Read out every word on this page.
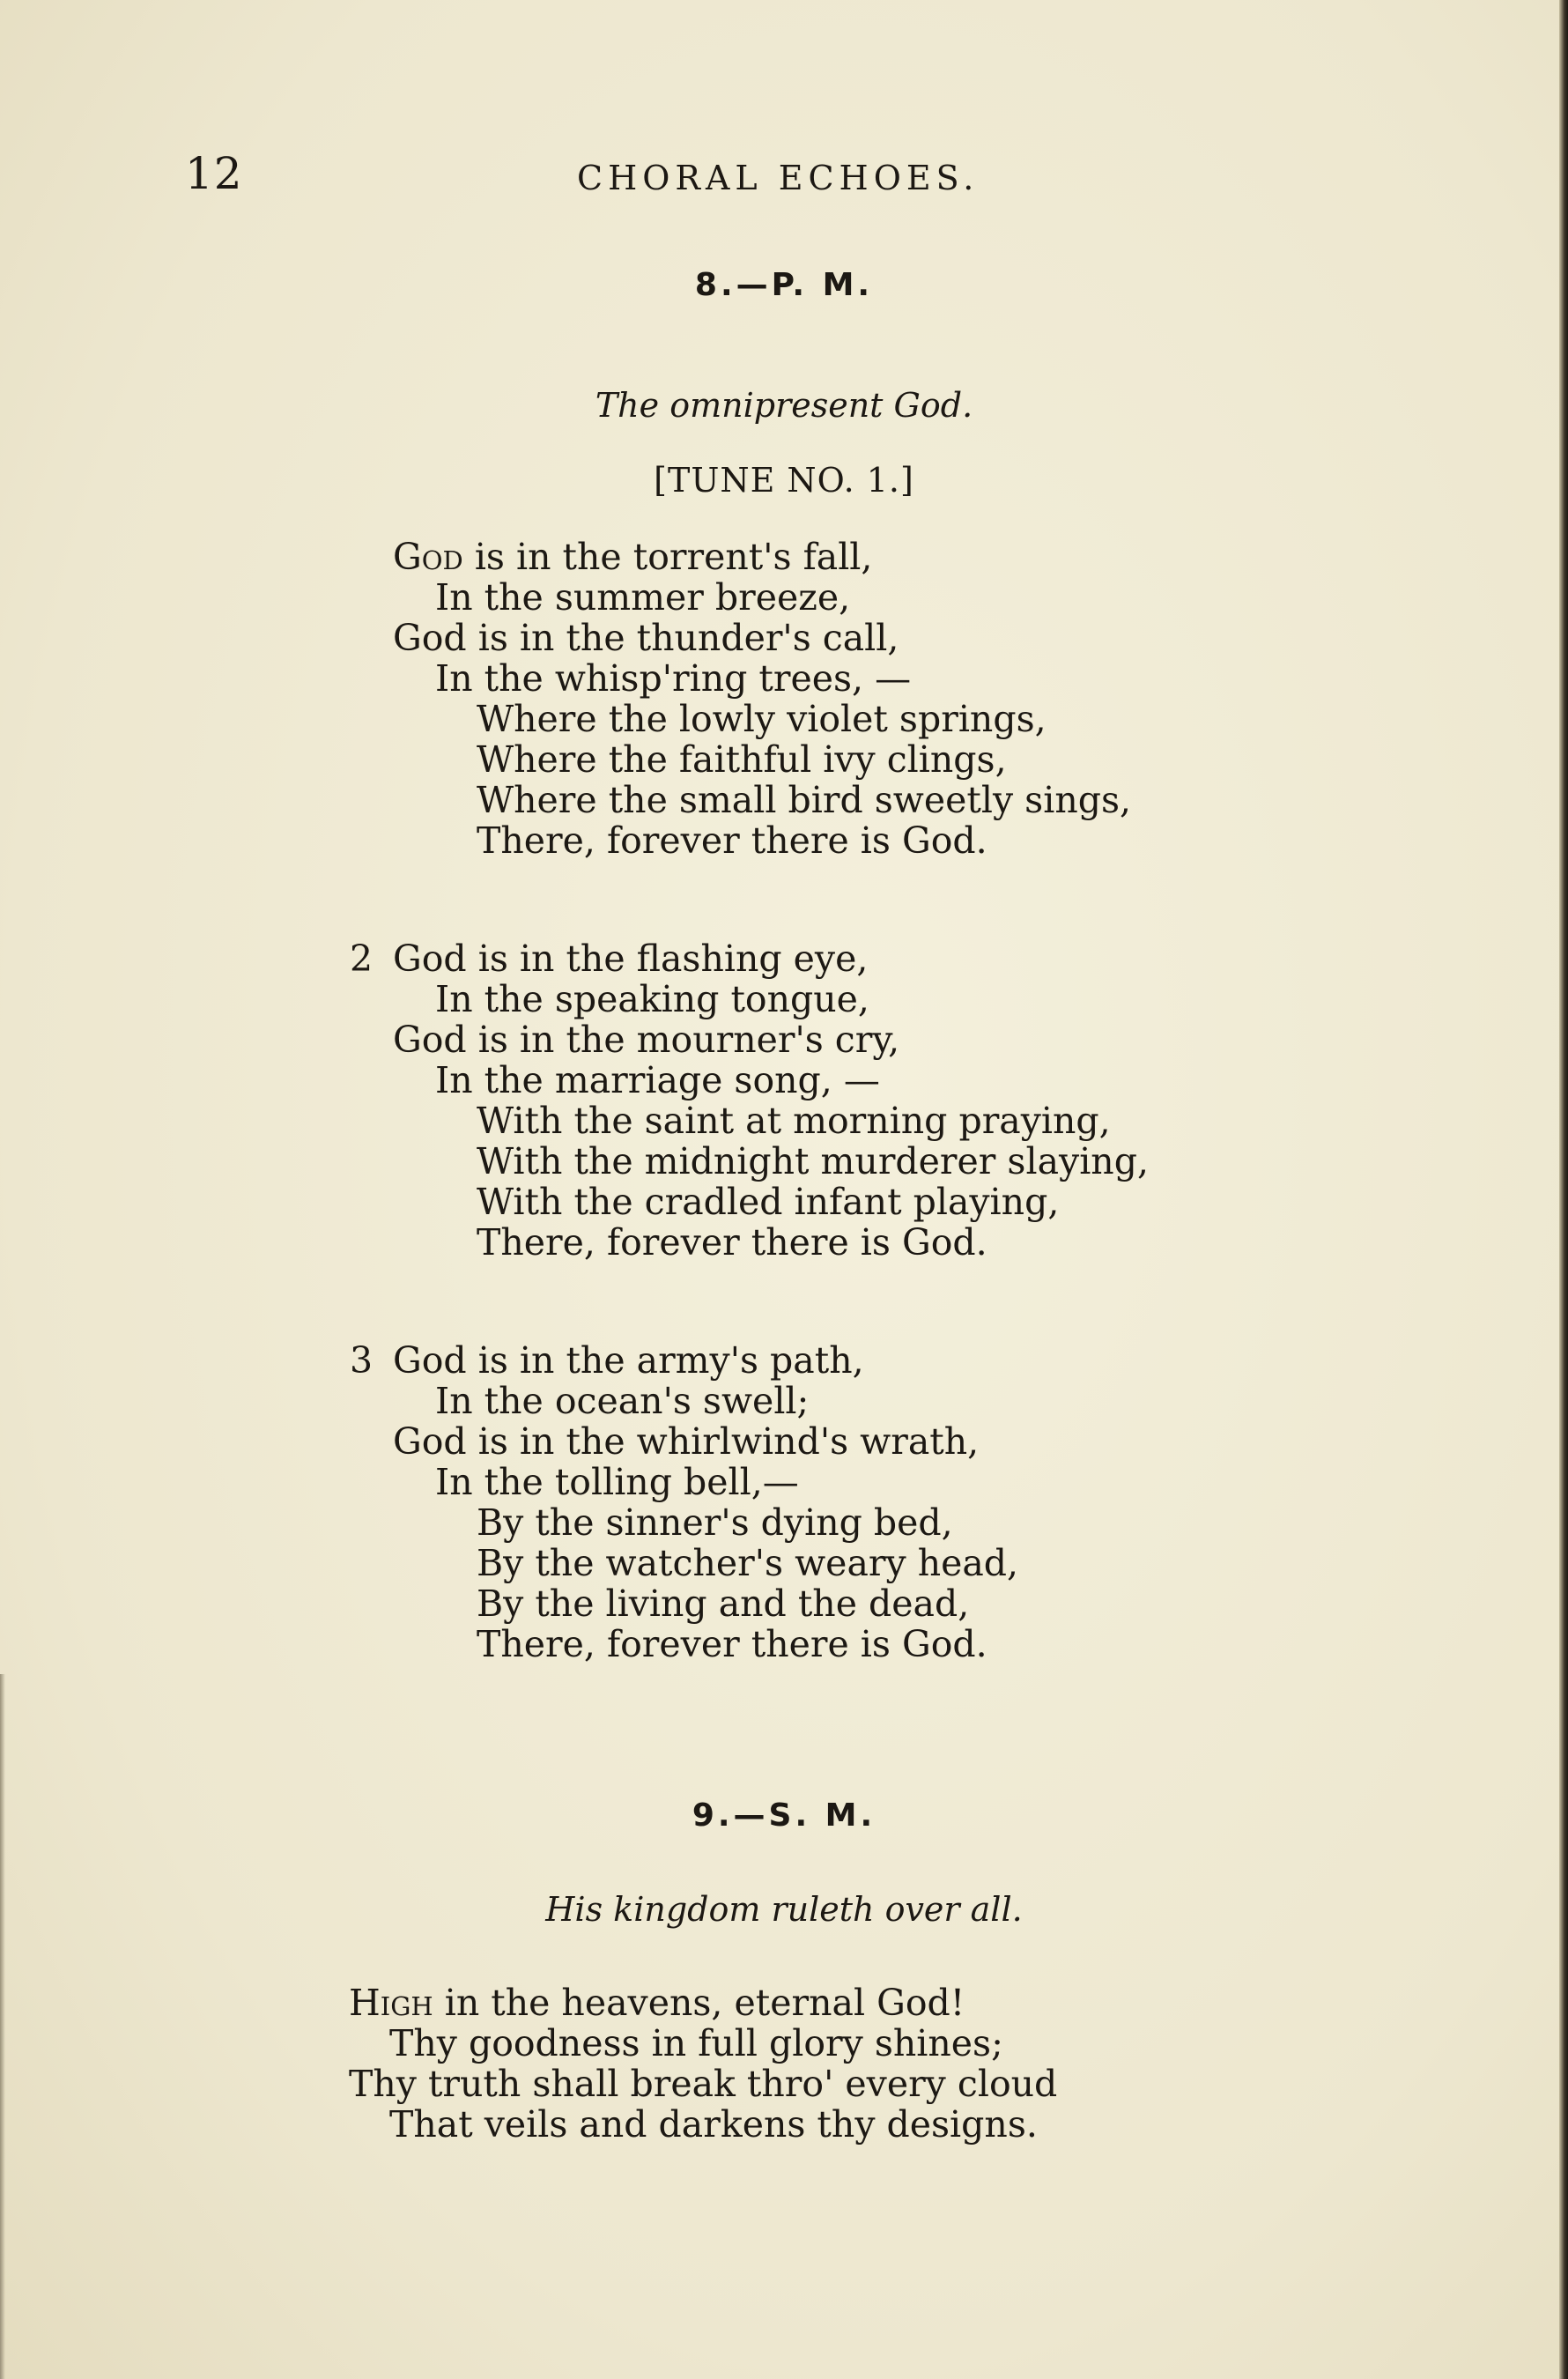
12	CHORAL ECHOES.
8.—P. M.
The omnipresent God.
[TUNE NO. 1.]
God is in the torrent's fall,
In the summer breeze,
God is in the thunder's call,
In the whisp'ring trees, —
Where the lowly violet springs,
Where the faithful ivy clings,
Where the small bird sweetly sings,
There, forever there is God.
2 God is in the flashing eye,
In the speaking tongue,
God is in the mourner's cry,
In the marriage song, —
With the saint at morning praying,
With the midnight murderer slaying,
With the cradled infant playing,
There, forever there is God.
3 God is in the army's path,
In the ocean's swell;
God is in the whirlwind's wrath,
In the tolling bell,—
By the sinner's dying bed,
By the watcher's weary head,
By the living and the dead,
There, forever there is God.
9.—S. M.
His kingdom ruleth over all.
High in the heavens, eternal God!
Thy goodness in full glory shines;
Thy truth shall break thro' every cloud
That veils and darkens thy designs.
